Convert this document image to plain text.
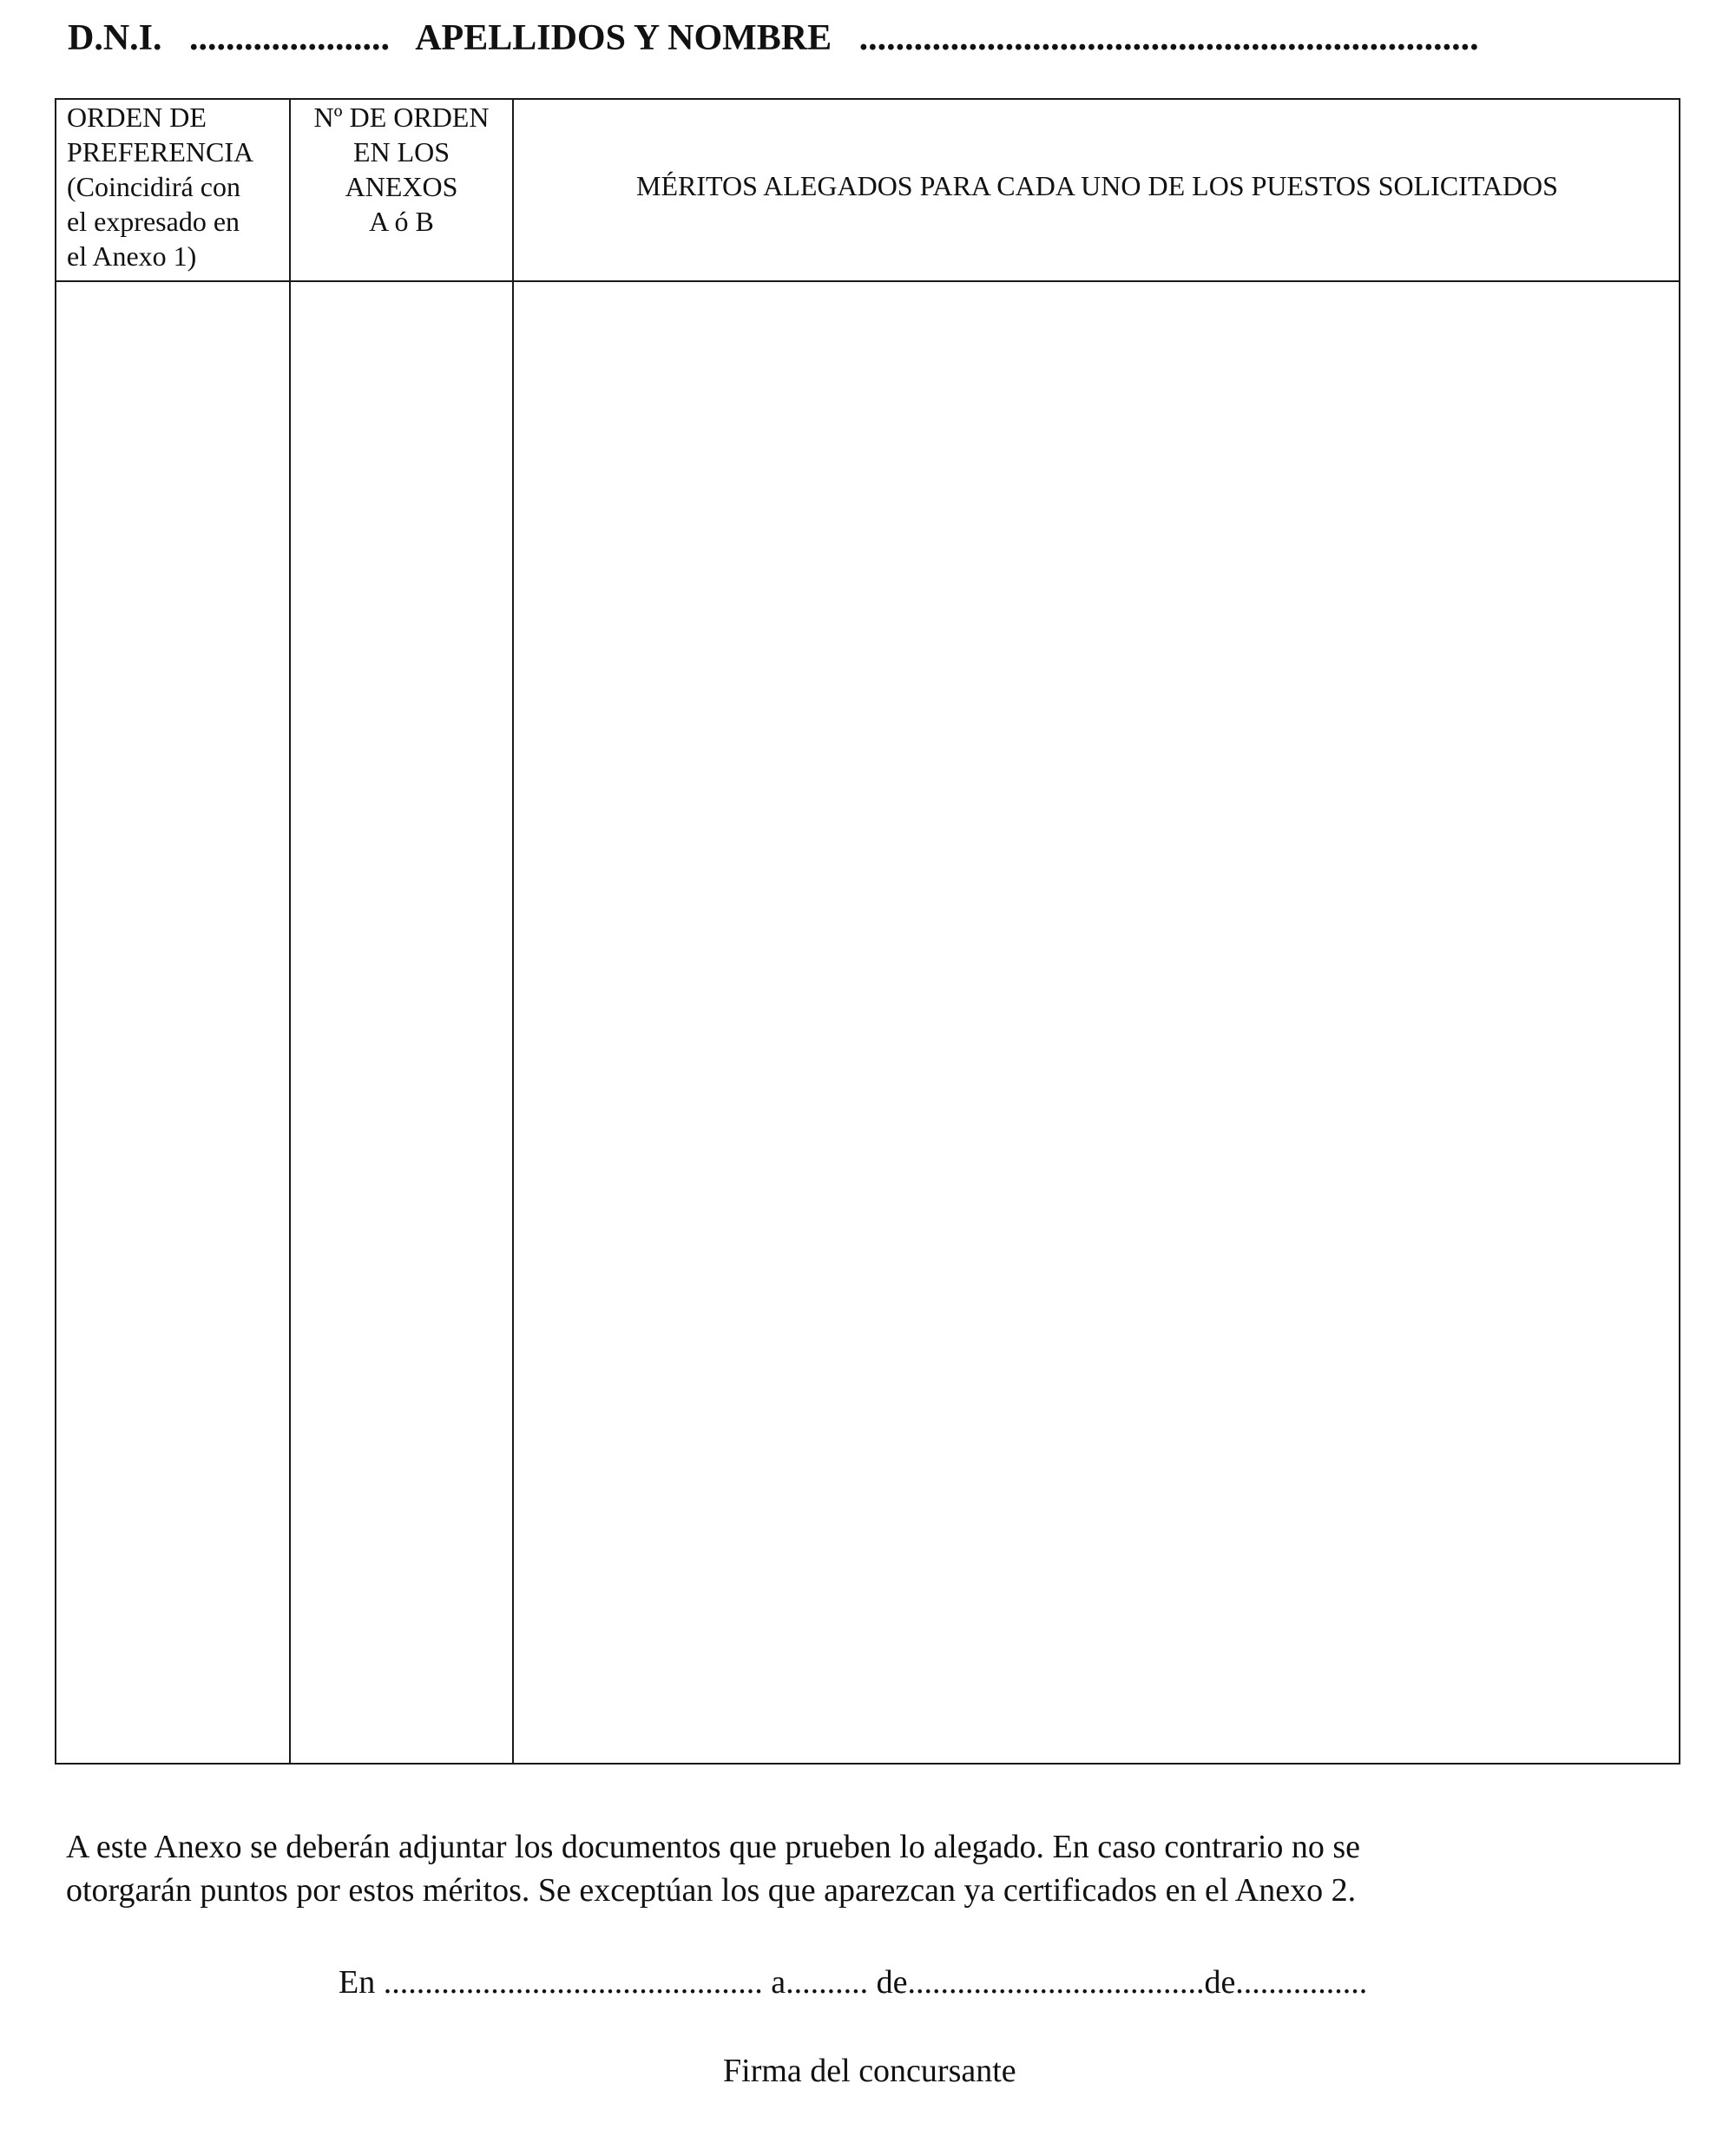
D.N.I. ...................... APELLIDOS Y NOMBRE ....................................................................
ORDEN DE
PREFERENCIA
(Coincidirá con
el expresado en
el Anexo 1)
Nº DE ORDEN
EN LOS
ANEXOS
A ó B
MÉRITOS ALEGADOS PARA CADA UNO DE LOS PUESTOS SOLICITADOS
A este Anexo se deberán adjuntar los documentos que prueben lo alegado. En caso contrario no se
otorgarán puntos por estos méritos. Se exceptúan los que aparezcan ya certificados en el Anexo 2.
En .............................................. a.......... de....................................de................
Firma del concursante
